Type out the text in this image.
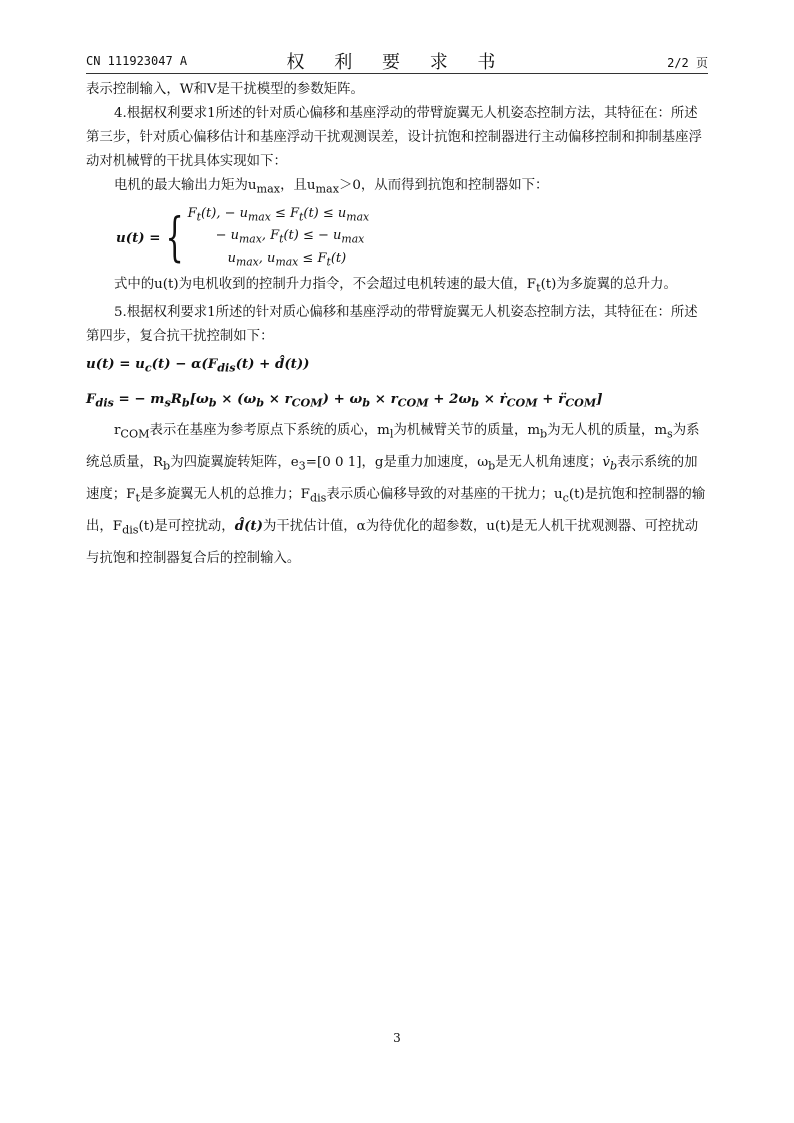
CN 111923047 A	权 利 要 求 书	2/2 页

表示控制输入，W和V是干扰模型的参数矩阵。

4.根据权利要求1所述的针对质心偏移和基座浮动的带臂旋翼无人机姿态控制方法，其特征在：所述第三步，针对质心偏移估计和基座浮动干扰观测误差，设计抗饱和控制器进行主动偏移控制和抑制基座浮动对机械臂的干扰具体实现如下：

电机的最大输出力矩为$u_{max}$，且$u_{max}>0$，从而得到抗饱和控制器如下：

u(t) = { $F_t(t)$, − $u_{max} \le F_t(t) \le u_{max}$
− $u_{max}$, $F_t(t)$ ≤ − $u_{max}$
$u_{max}$, $u_{max} \le F_t(t)$

式中的u(t)为电机收到的控制升力指令，不会超过电机转速的最大值，$F_t(t)$为多旋翼的总升力。

5.根据权利要求1所述的针对质心偏移和基座浮动的带臂旋翼无人机姿态控制方法，其特征在：所述第四步，复合抗干扰控制如下：

$u(t) = u_c(t) - \alpha(F_{dis}(t)$ + d̂(t))

$F_{dis}$ = − $m_sR_b[\omega_b \times (\omega_b \times r_{COM}) + \omega_b \times r_{COM} + 2\omega_b$ × ṙ$_{COM}$ + $r̈_{COM}$]

$r_{COM}$表示在基座为参考原点下系统的质心，$m_l$为机械臂关节的质量，$m_b$为无人机的质量，$m_s$为系统总质量，$R_b$为四旋翼旋转矩阵，$e_3=[0$ 0 1]，g是重力加速度，$\omega_b$是无人机角速度；$v̇_b$表示系统的加速度；$F_t$是多旋翼无人机的总推力；$F_{dis}$表示质心偏移导致的对基座的干扰力；$u_c(t)$是抗饱和控制器的输出，$F_{dis}(t)$是可控扰动，d̂(t)为干扰估计值，α为待优化的超参数，u(t)是无人机干扰观测器、可控扰动与抗饱和控制器复合后的控制输入。

3
